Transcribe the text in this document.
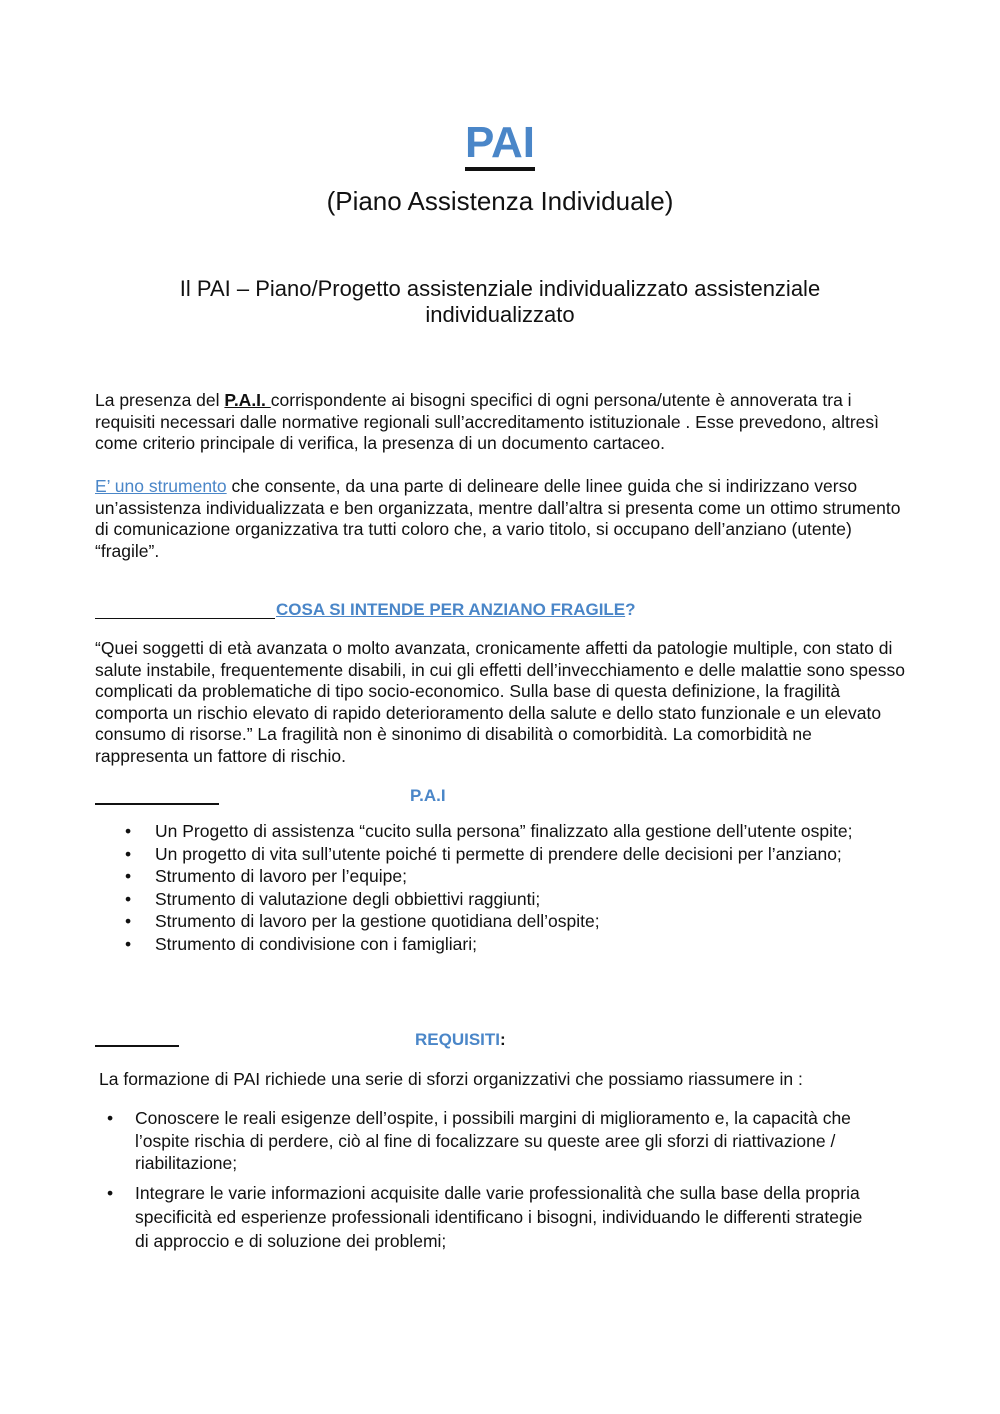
PAI
(Piano Assistenza Individuale)
Il PAI – Piano/Progetto assistenziale individualizzato assistenziale individualizzato
La presenza del P.A.I. corrispondente ai bisogni specifici di ogni persona/utente è annoverata tra i requisiti necessari dalle normative regionali sull’accreditamento istituzionale . Esse prevedono, altresì come criterio principale di verifica, la presenza di un documento cartaceo.
E’ uno strumento che consente, da una parte di delineare delle linee guida che si indirizzano verso un’assistenza individualizzata e ben organizzata, mentre dall’altra si presenta come un ottimo strumento di comunicazione organizzativa tra tutti coloro che, a vario titolo, si occupano dell’anziano (utente) “fragile”.
COSA SI INTENDE PER ANZIANO FRAGILE?
“Quei soggetti di età avanzata o molto avanzata, cronicamente affetti da patologie multiple, con stato di salute instabile, frequentemente disabili, in cui gli effetti dell’invecchiamento e delle malattie sono spesso complicati da problematiche di tipo socio-economico. Sulla base di questa definizione, la fragilità comporta un rischio elevato di rapido deterioramento della salute e dello stato funzionale e un elevato consumo di risorse.” La fragilità non è sinonimo di disabilità o comorbidità. La comorbidità ne rappresenta un fattore di rischio.
P.A.I
• Un Progetto di assistenza “cucito sulla persona” finalizzato alla gestione dell’utente ospite;
• Un progetto di vita sull’utente poiché ti permette di prendere delle decisioni per l’anziano;
• Strumento di lavoro per l’equipe;
• Strumento di valutazione degli obbiettivi raggiunti;
• Strumento di lavoro per la gestione quotidiana dell’ospite;
• Strumento di condivisione con i famigliari;
REQUISITI:
La formazione di PAI richiede una serie di sforzi organizzativi che possiamo riassumere in :
• Conoscere le reali esigenze dell’ospite, i possibili margini di miglioramento e, la capacità che l’ospite rischia di perdere, ciò al fine di focalizzare su queste aree gli sforzi di riattivazione / riabilitazione;
• Integrare le varie informazioni acquisite dalle varie professionalità che sulla base della propria specificità ed esperienze professionali identificano i bisogni, individuando le differenti strategie di approccio e di soluzione dei problemi;
